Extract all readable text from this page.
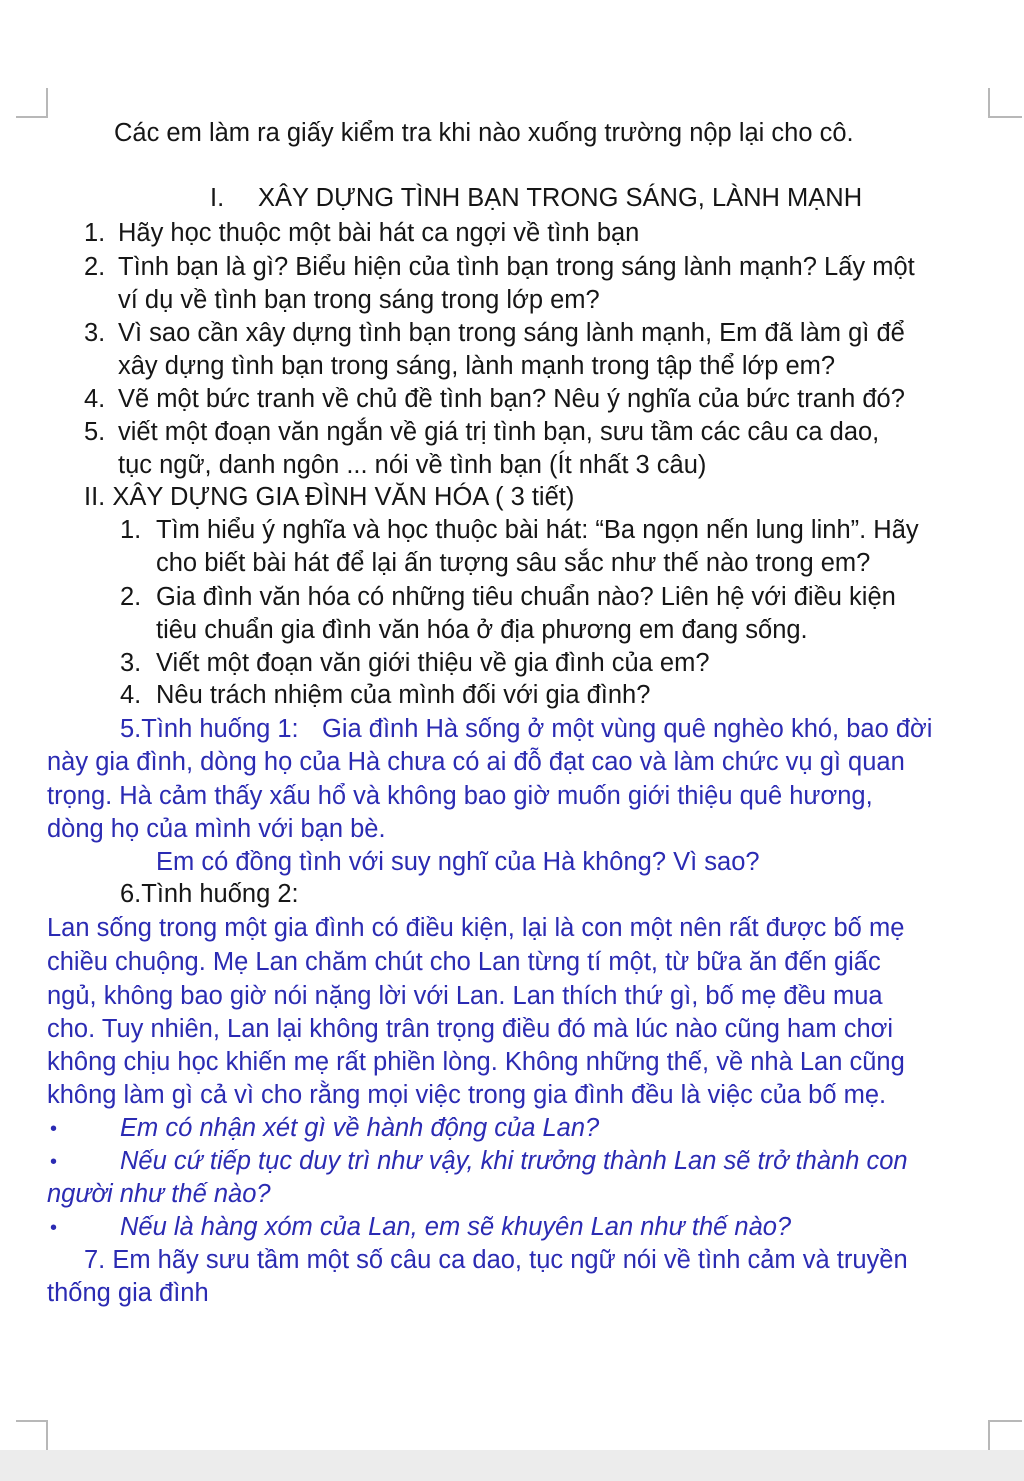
Các em làm ra giấy kiểm tra khi nào xuống trường nộp lại cho cô.
I. XÂY DỰNG TÌNH BẠN TRONG SÁNG, LÀNH MẠNH
1. Hãy học thuộc một bài hát ca ngợi về tình bạn
2. Tình bạn là gì? Biểu hiện của tình bạn trong sáng lành mạnh? Lấy một
ví dụ về tình bạn trong sáng trong lớp em?
3. Vì sao cần xây dựng tình bạn trong sáng lành mạnh, Em đã làm gì để
xây dựng tình bạn trong sáng, lành mạnh trong tập thể lớp em?
4. Vẽ một bức tranh về chủ đề tình bạn? Nêu ý nghĩa của bức tranh đó?
5. viết một đoạn văn ngắn về giá trị tình bạn, sưu tầm các câu ca dao,
tục ngữ, danh ngôn ... nói về tình bạn (Ít nhất 3 câu)
II. XÂY DỰNG GIA ĐÌNH VĂN HÓA ( 3 tiết)
1. Tìm hiểu ý nghĩa và học thuộc bài hát: “Ba ngọn nến lung linh”. Hãy
cho biết bài hát để lại ấn tượng sâu sắc như thế nào trong em?
2. Gia đình văn hóa có những tiêu chuẩn nào? Liên hệ với điều kiện
tiêu chuẩn gia đình văn hóa ở địa phương em đang sống.
3. Viết một đoạn văn giới thiệu về gia đình của em?
4. Nêu trách nhiệm của mình đối với gia đình?
5.Tình huống 1: Gia đình Hà sống ở một vùng quê nghèo khó, bao đời
này gia đình, dòng họ của Hà chưa có ai đỗ đạt cao và làm chức vụ gì quan
trọng. Hà cảm thấy xấu hổ và không bao giờ muốn giới thiệu quê hương,
dòng họ của mình với bạn bè.
Em có đồng tình với suy nghĩ của Hà không? Vì sao?
6.Tình huống 2:
Lan sống trong một gia đình có điều kiện, lại là con một nên rất được bố mẹ
chiều chuộng. Mẹ Lan chăm chút cho Lan từng tí một, từ bữa ăn đến giấc
ngủ, không bao giờ nói nặng lời với Lan. Lan thích thứ gì, bố mẹ đều mua
cho. Tuy nhiên, Lan lại không trân trọng điều đó mà lúc nào cũng ham chơi
không chịu học khiến mẹ rất phiền lòng. Không những thế, về nhà Lan cũng
không làm gì cả vì cho rằng mọi việc trong gia đình đều là việc của bố mẹ.
• Em có nhận xét gì về hành động của Lan?
• Nếu cứ tiếp tục duy trì như vậy, khi trưởng thành Lan sẽ trở thành con
người như thế nào?
• Nếu là hàng xóm của Lan, em sẽ khuyên Lan như thế nào?
7. Em hãy sưu tầm một số câu ca dao, tục ngữ nói về tình cảm và truyền
thống gia đình
